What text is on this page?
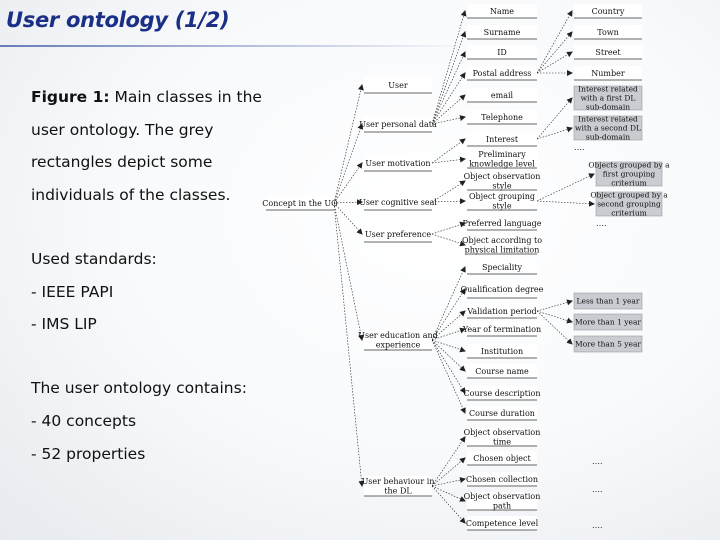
User ontology (1/2)
Figure 1: Main classes in the
user ontology. The grey
rectangles depict some
individuals of the classes.
Used standards:
- IEEE PAPI
- IMS LIP
The user ontology contains:
- 40 concepts
- 52 properties
Concept in the UO
User
User personal data
User motivation
User cognitive seal
User preference
User education and
experience
User behaviour in
the DL
Name
Surname
ID
Postal address
email
Telephone
Country
Town
Street
Number
Interest
Preliminary
knowledge level
Interest related
with a first DL
sub-domain
Interest related
with a second DL
sub-domain
….
Object observation
style
Object grouping
style
Objects grouped by a
first grouping
criterium
Object grouped by a
second grouping
criterium
….
Preferred language
Object according to
physical limitation
Speciality
Qualification degree
Validation period
Year of termination
Institution
Course name
Course description
Course duration
Less than 1 year
More than 1 year
More than 5 year
Object observation
time
Chosen object
Chosen collection
Object observation
path
Competence level
….
….
….
